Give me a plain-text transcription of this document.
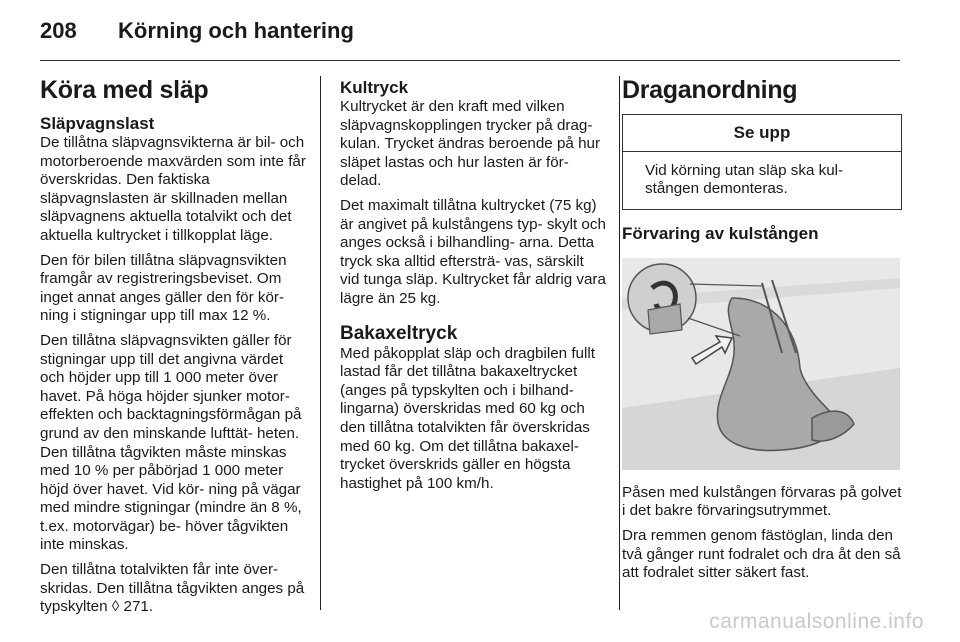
208 Körning och hantering
Köra med släp
Släpvagnslast

De tillåtna släpvagnsvikterna är bil- och motorberoende maxvärden som inte får överskridas. Den faktiska släpvagnslasten är skillnaden mellan släpvagnens aktuella totalvikt och det aktuella kultrycket i tillkopplat läge.

Den för bilen tillåtna släpvagnsvikten framgår av registreringsbeviset. Om inget annat anges gäller den för kör- ning i stigningar upp till max 12 %.

Den tillåtna släpvagnsvikten gäller för stigningar upp till det angivna värdet och höjder upp till 1 000 meter över havet. På höga höjder sjunker motor- effekten och backtagningsförmågan på grund av den minskande lufttät- heten. Den tillåtna tågvikten måste minskas med 10 % per påbörjad 1 000 meter höjd över havet. Vid kör- ning på vägar med mindre stigningar (mindre än 8 %, t.ex. motorvägar) be- höver tågvikten inte minskas.

Den tillåtna totalvikten får inte över- skridas. Den tillåtna tågvikten anges på typskylten ◊ 271.

Kultryck

Kultrycket är den kraft med vilken släpvagnskopplingen trycker på drag- kulan. Trycket ändras beroende på hur släpet lastas och hur lasten är för- delad.

Det maximalt tillåtna kultrycket (75 kg) är angivet på kulstångens typ- skylt och anges också i bilhandling- arna. Detta tryck ska alltid eftersträ- vas, särskilt vid tunga släp. Kultrycket får aldrig vara lägre än 25 kg.

Bakaxeltryck

Med påkopplat släp och dragbilen fullt lastad får det tillåtna bakaxeltrycket (anges på typskylten och i bilhand- lingarna) överskridas med 60 kg och den tillåtna totalvikten får överskridas med 60 kg. Om det tillåtna bakaxel- trycket överskrids gäller en högsta hastighet på 100 km/h.

Draganordning
Se upp
Vid körning utan släp ska kul- stången demonteras.
Förvaring av kulstången

Påsen med kulstången förvaras på golvet i det bakre förvaringsutrymmet.

Dra remmen genom fästöglan, linda den två gånger runt fodralet och dra åt den så att fodralet sitter säkert fast.

carmanualsonline.info
